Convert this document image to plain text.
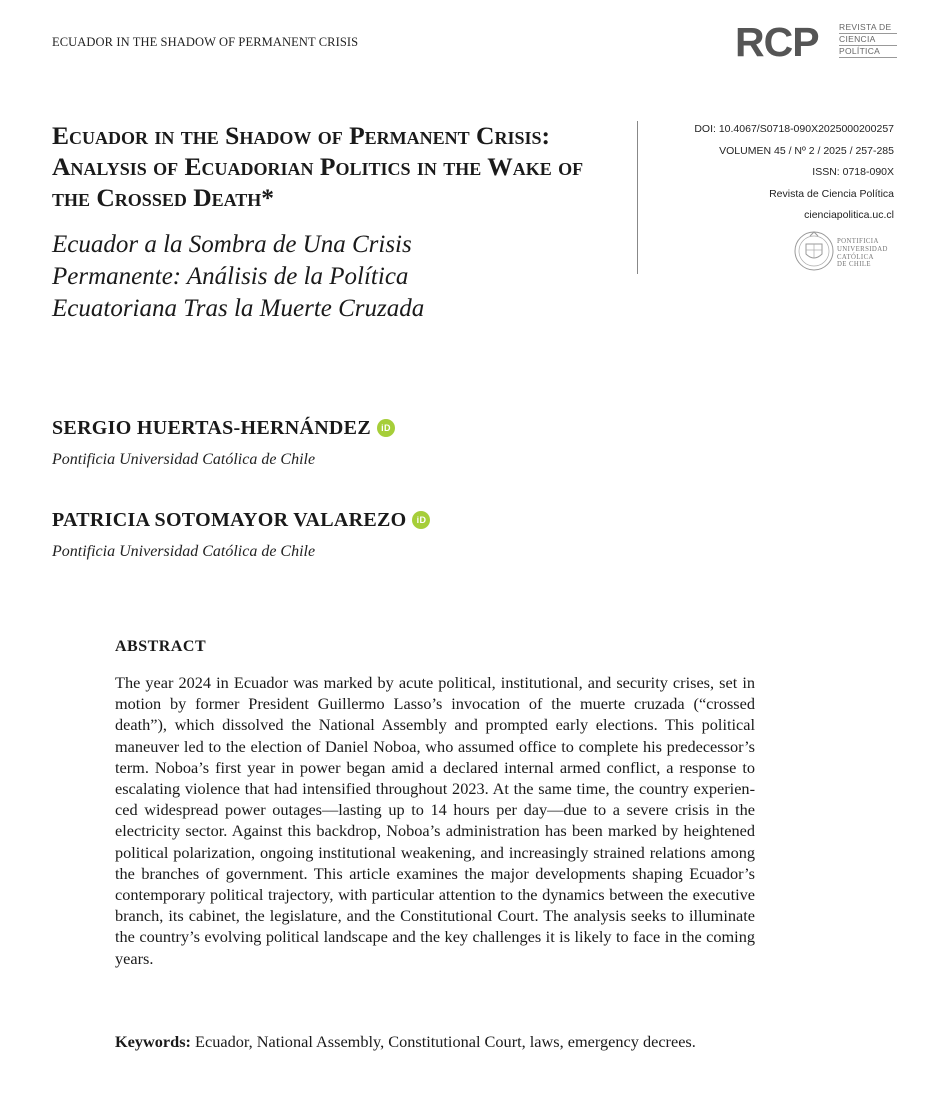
ECUADOR IN THE SHADOW OF PERMANENT CRISIS	RCP REVISTA DE
CIENCIA
POLÍTICA
Ecuador in the Shadow of Permanent Crisis: Analysis of Ecuadorian Politics in the Wake of the Crossed Death*
Ecuador a la Sombra de Una Crisis
Permanente: Análisis de la Política
Ecuatoriana Tras la Muerte Cruzada
DOI: 10.4067/S0718-090X2025000200257
VOLUMEN 45 / Nº 2 / 2025 / 257-285
ISSN: 0718-090X
Revista de Ciencia Política
cienciapolitica.uc.cl
PONTIFICIA
UNIVERSIDAD
CATÓLICA
DE CHILE
SERGIO HUERTAS-HERNÁNDEZ iD
Pontificia Universidad Católica de Chile
PATRICIA SOTOMAYOR VALAREZO iD
Pontificia Universidad Católica de Chile
ABSTRACT

The year 2024 in Ecuador was marked by acute political, institutional, and security crises, set in motion by former President Guillermo Lasso’s invocation of the muerte cruzada (“crossed death”), which dissolved the National Assembly and prompted early elections. This political maneuver led to the election of Daniel Noboa, who assumed office to complete his predecessor’s term. Noboa’s first year in power began amid a declared internal armed conflict, a response to escalating violence that had intensified throughout 2023. At the same time, the country experienced widespread power outages—lasting up to 14 hours per day—due to a severe crisis in the electricity sector. Against this backdrop, Noboa’s administration has been marked by heightened political polarization, ongoing institutional weakening, and increasingly strained relations among the branches of government. This article examines the major developments shaping Ecuador’s contemporary political trajectory, with particular attention to the dynamics between the executive branch, its cabinet, the legislature, and the Constitutional Court. The analysis seeks to illuminate the country’s evolving political landscape and the key challenges it is likely to face in the coming years.

Keywords: Ecuador, National Assembly, Constitutional Court, laws, emergency decrees.
